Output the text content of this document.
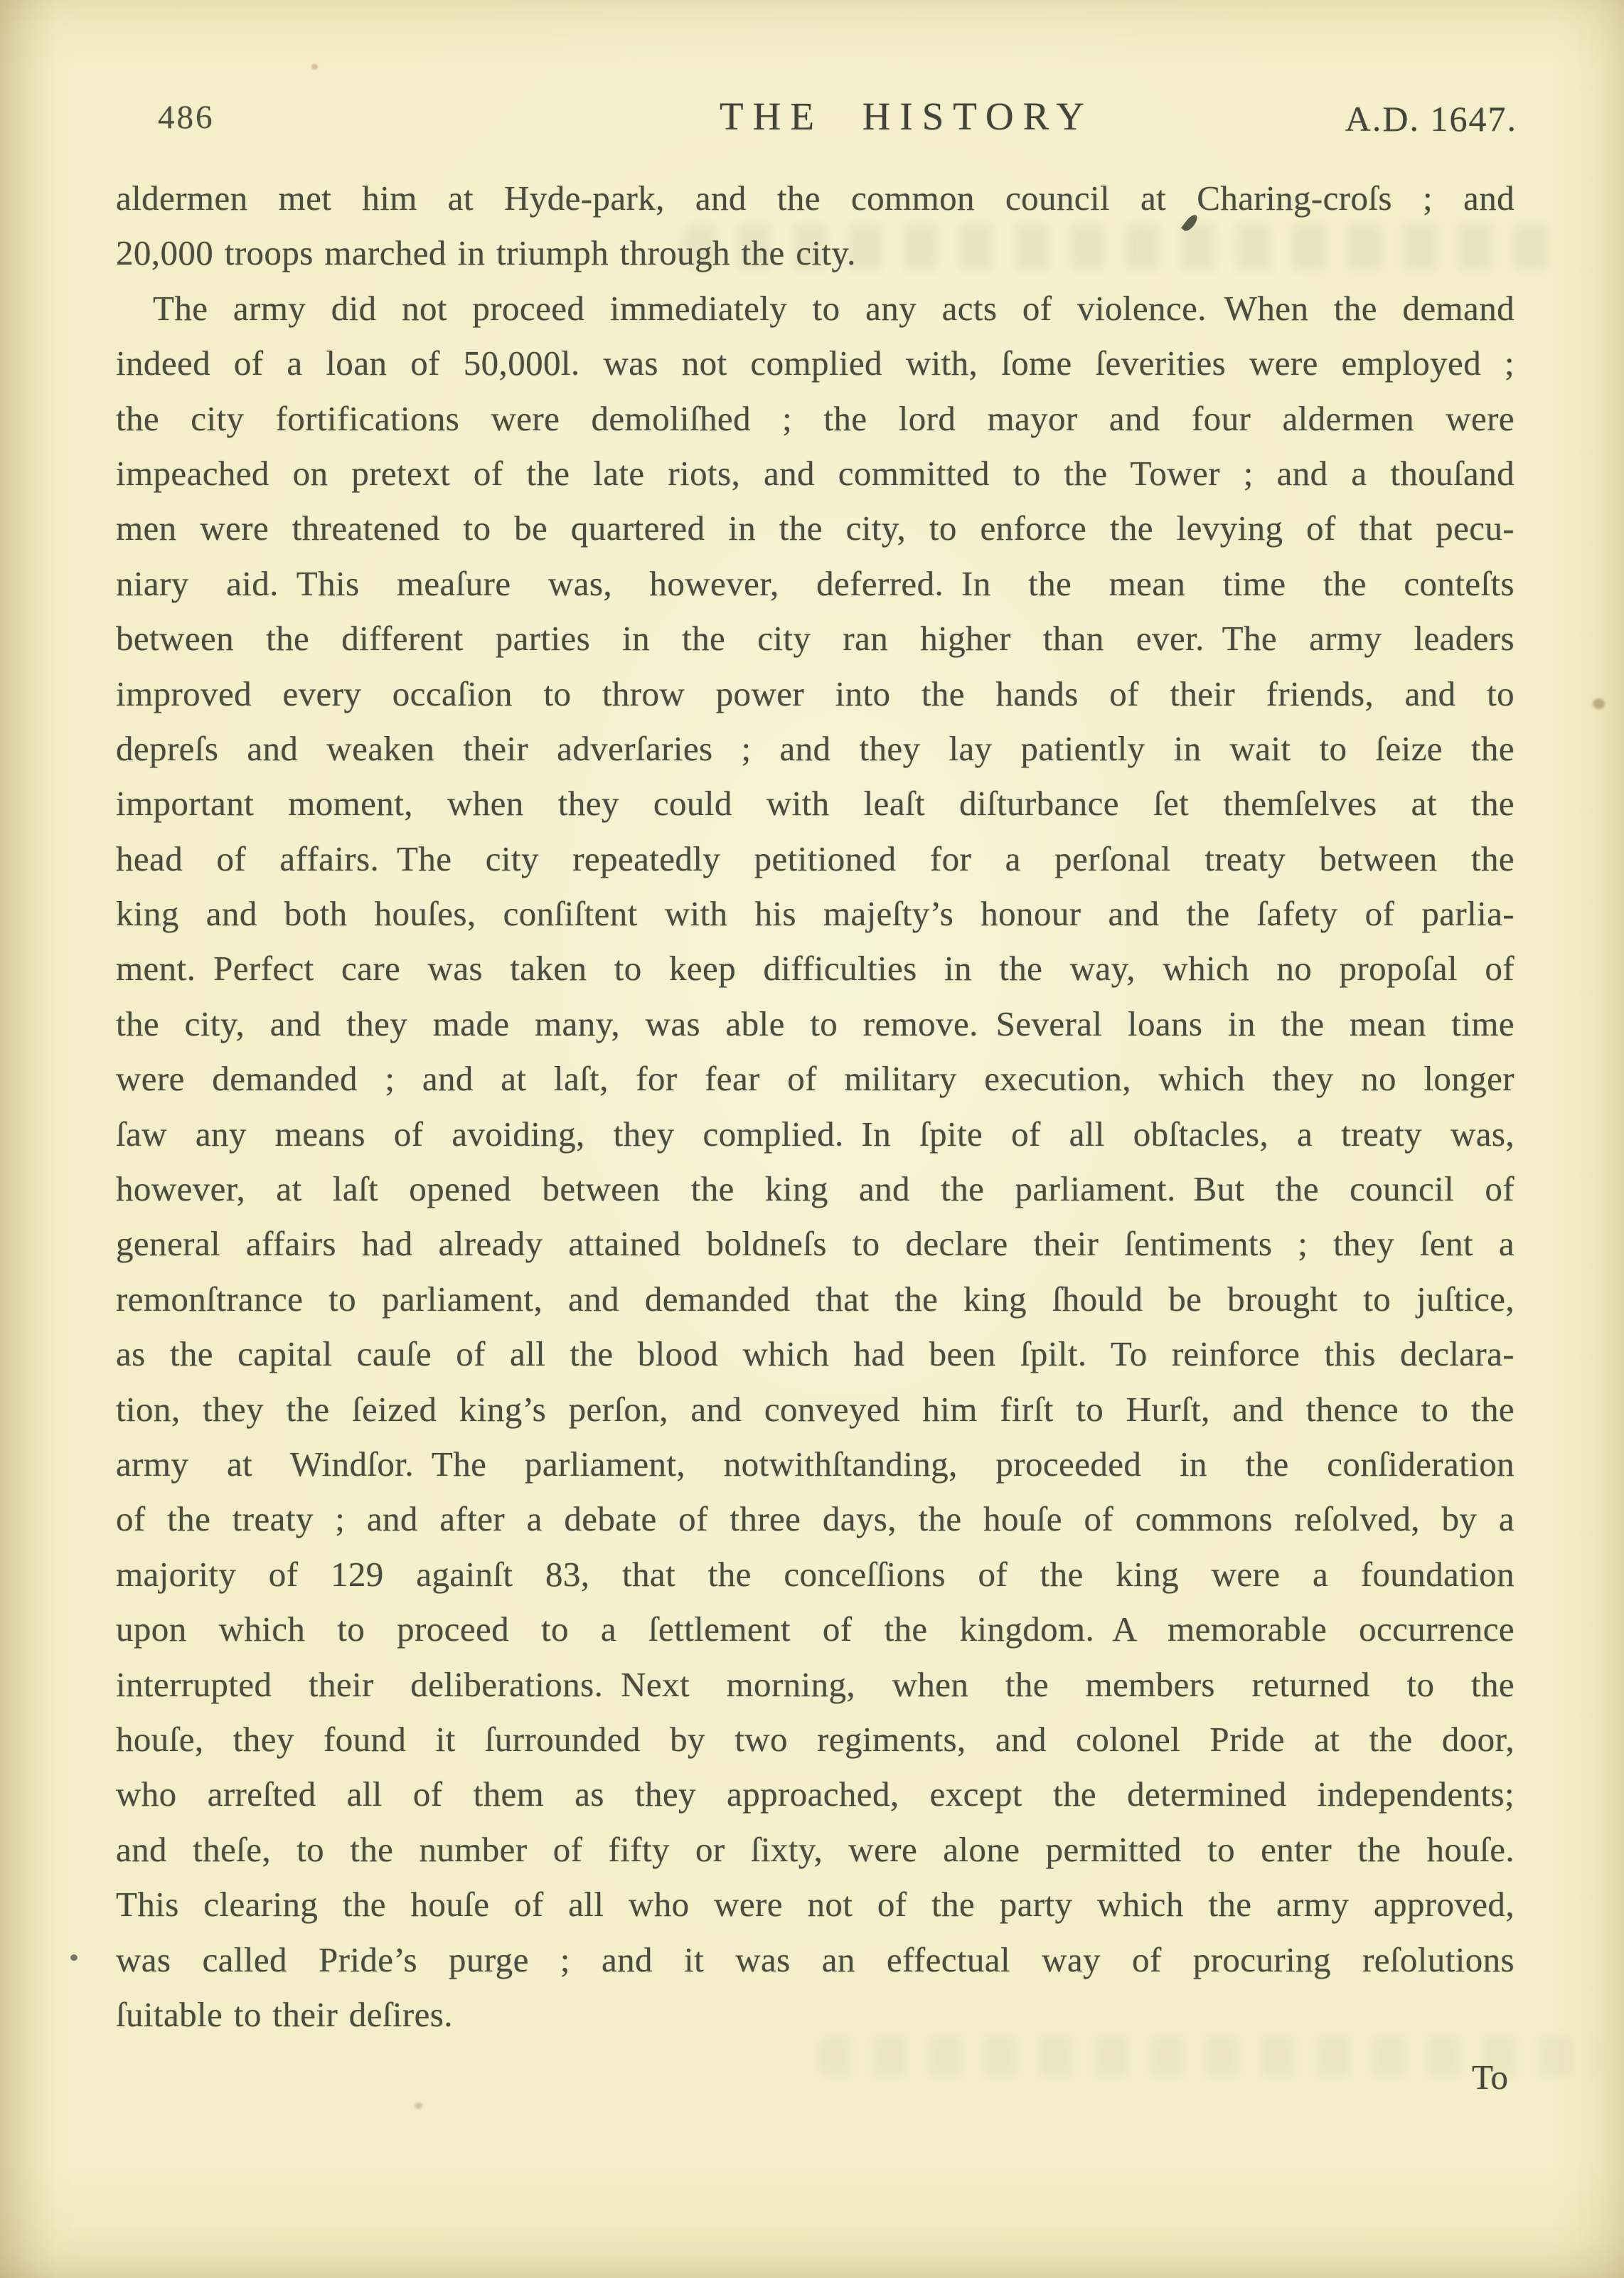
486	THE HISTORY	A.D. 1647.
aldermen met him at Hyde-park, and the common council at Charing-croſs ; and
20,000 troops marched in triumph through the city.
The army did not proceed immediately to any acts of violence. When the demand
indeed of a loan of 50,000l. was not complied with, ſome ſeverities were employed ;
the city fortifications were demoliſhed ; the lord mayor and four aldermen were
impeached on pretext of the late riots, and committed to the Tower ; and a thouſand
men were threatened to be quartered in the city, to enforce the levying of that pecu-
niary aid. This meaſure was, however, deferred. In the mean time the conteſts
between the different parties in the city ran higher than ever. The army leaders
improved every occaſion to throw power into the hands of their friends, and to
depreſs and weaken their adverſaries ; and they lay patiently in wait to ſeize the
important moment, when they could with leaſt diſturbance ſet themſelves at the
head of affairs. The city repeatedly petitioned for a perſonal treaty between the
king and both houſes, conſiſtent with his majeſty’s honour and the ſafety of parlia-
ment. Perfect care was taken to keep difficulties in the way, which no propoſal of
the city, and they made many, was able to remove. Several loans in the mean time
were demanded ; and at laſt, for fear of military execution, which they no longer
ſaw any means of avoiding, they complied. In ſpite of all obſtacles, a treaty was,
however, at laſt opened between the king and the parliament. But the council of
general affairs had already attained boldneſs to declare their ſentiments ; they ſent a
remonſtrance to parliament, and demanded that the king ſhould be brought to juſtice,
as the capital cauſe of all the blood which had been ſpilt. To reinforce this declara-
tion, they the ſeized king’s perſon, and conveyed him firſt to Hurſt, and thence to the
army at Windſor. The parliament, notwithſtanding, proceeded in the conſideration
of the treaty ; and after a debate of three days, the houſe of commons reſolved, by a
majority of 129 againſt 83, that the conceſſions of the king were a foundation
upon which to proceed to a ſettlement of the kingdom. A memorable occurrence
interrupted their deliberations. Next morning, when the members returned to the
houſe, they found it ſurrounded by two regiments, and colonel Pride at the door,
who arreſted all of them as they approached, except the determined independents;
and theſe, to the number of fifty or ſixty, were alone permitted to enter the houſe.
This clearing the houſe of all who were not of the party which the army approved,
was called Pride’s purge ; and it was an effectual way of procuring reſolutions
ſuitable to their deſires.
To
